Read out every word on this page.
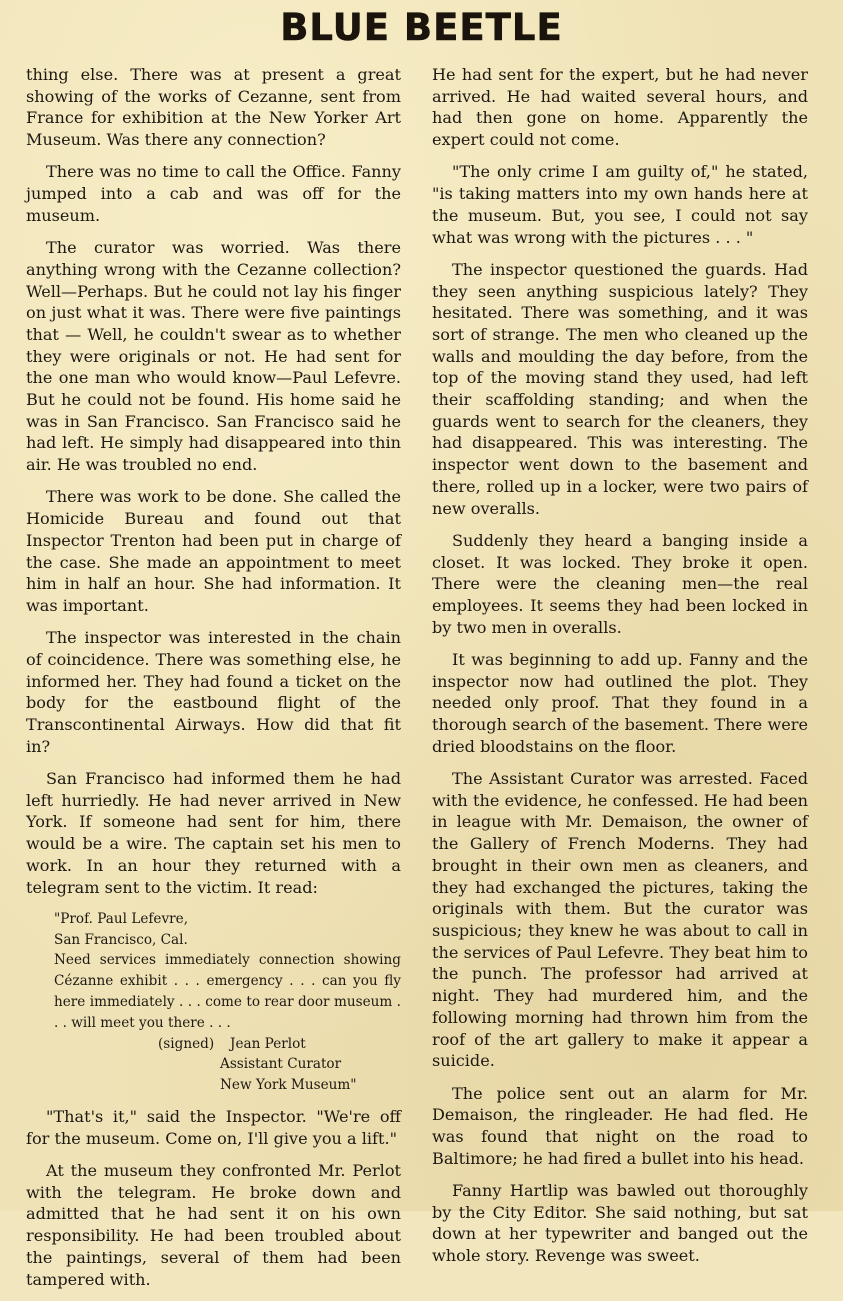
BLUE BEETLE

thing else. There was at present a great showing of the works of Cezanne, sent from France for exhibition at the New Yorker Art Museum. Was there any connection?

There was no time to call the Office. Fanny jumped into a cab and was off for the museum.

The curator was worried. Was there anything wrong with the Cezanne collection? Well—Perhaps. But he could not lay his finger on just what it was. There were five paintings that — Well, he couldn't swear as to whether they were originals or not. He had sent for the one man who would know—Paul Lefevre. But he could not be found. His home said he was in San Francisco. San Francisco said he had left. He simply had disappeared into thin air. He was troubled no end.

There was work to be done. She called the Homicide Bureau and found out that Inspector Trenton had been put in charge of the case. She made an appointment to meet him in half an hour. She had information. It was important.

The inspector was interested in the chain of coincidence. There was something else, he informed her. They had found a ticket on the body for the eastbound flight of the Transcontinental Airways. How did that fit in?

San Francisco had informed them he had left hurriedly. He had never arrived in New York. If someone had sent for him, there would be a wire. The captain set his men to work. In an hour they returned with a telegram sent to the victim. It read:

"Prof. Paul Lefevre,
San Francisco, Cal.
Need services immediately connection showing Cézanne exhibit . . . emergency . . . can you fly here immediately . . . come to rear door museum . . . will meet you there . . .
(signed) Jean Perlot
Assistant Curator
New York Museum"

"That's it," said the Inspector. "We're off for the museum. Come on, I'll give you a lift."

At the museum they confronted Mr. Perlot with the telegram. He broke down and admitted that he had sent it on his own responsibility. He had been troubled about the paintings, several of them had been tampered with.

He had sent for the expert, but he had never arrived. He had waited several hours, and had then gone on home. Apparently the expert could not come.

"The only crime I am guilty of," he stated, "is taking matters into my own hands here at the museum. But, you see, I could not say what was wrong with the pictures . . . "

The inspector questioned the guards. Had they seen anything suspicious lately? They hesitated. There was something, and it was sort of strange. The men who cleaned up the walls and moulding the day before, from the top of the moving stand they used, had left their scaffolding standing; and when the guards went to search for the cleaners, they had disappeared. This was interesting. The inspector went down to the basement and there, rolled up in a locker, were two pairs of new overalls.

Suddenly they heard a banging inside a closet. It was locked. They broke it open. There were the cleaning men—the real employees. It seems they had been locked in by two men in overalls.

It was beginning to add up. Fanny and the inspector now had outlined the plot. They needed only proof. That they found in a thorough search of the basement. There were dried bloodstains on the floor.

The Assistant Curator was arrested. Faced with the evidence, he confessed. He had been in league with Mr. Demaison, the owner of the Gallery of French Moderns. They had brought in their own men as cleaners, and they had exchanged the pictures, taking the originals with them. But the curator was suspicious; they knew he was about to call in the services of Paul Lefevre. They beat him to the punch. The professor had arrived at night. They had murdered him, and the following morning had thrown him from the roof of the art gallery to make it appear a suicide.

The police sent out an alarm for Mr. Demaison, the ringleader. He had fled. He was found that night on the road to Baltimore; he had fired a bullet into his head.

Fanny Hartlip was bawled out thoroughly by the City Editor. She said nothing, but sat down at her typewriter and banged out the whole story. Revenge was sweet.
